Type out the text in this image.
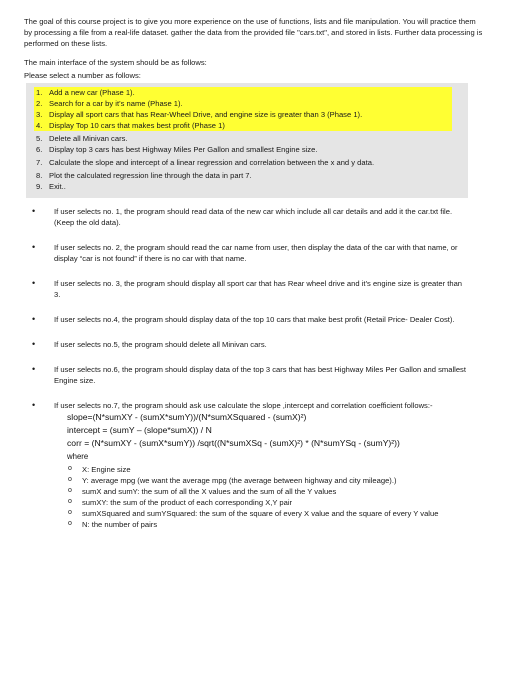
The goal of this course project is to give you more experience on the use of functions, lists and file manipulation. You will practice them by processing a file from a real-life dataset. gather the data from the provided file "cars.txt", and stored in lists. Further data processing is performed on these lists.

The main interface of the system should be as follows:

Please select a number as follows:

1. Add a new car (Phase 1).
2. Search for a car by it’s name (Phase 1).
3. Display all sport cars that has Rear-Wheel Drive, and engine size is greater than 3 (Phase 1).
4. Display Top 10 cars that makes best profit (Phase 1)
5. Delete all Minivan cars.
6. Display top 3 cars has best Highway Miles Per Gallon and smallest Engine size.
7. Calculate the slope and intercept of a linear regression and correlation between the x and y data.
8. Plot the calculated regression line through the data in part 7.
9. Exit..
•	If user selects no. 1, the program should read data of the new car which include all car details and add it the car.txt file.(Keep the old data).
•	If user selects no. 2, the program should read the car name from user, then display the data of the car with that name, or display “car is not found” if there is no car with that name.
•	If user selects no. 3, the program should display all sport car that has Rear wheel drive and it’s engine size is greater than 3.
•	If user selects no.4, the program should display data of the top 10 cars that make best profit (Retail Price- Dealer Cost).
•	If user selects no.5, the program should delete all Minivan cars.
•	If user selects no.6, the program should display data of the top 3 cars that has best Highway Miles Per Gallon and smallest Engine size.
•	If user selects no.7, the program should ask use calculate the slope ,intercept and correlation coefficient follows:-

slope=(N*sumXY - (sumX*sumY))/(N*sumXSquared - (sumX)²)

intercept = (sumY – (slope*sumX)) / N

corr = (N*sumXY - (sumX*sumY)) /sqrt((N*sumXSq - (sumX)²) * (N*sumYSq - (sumY)²))

where

o	X: Engine size
o	Y: average mpg (we want the average mpg (the average between highway and city mileage).)
o	sumX and sumY: the sum of all the X values and the sum of all the Y values
o	sumXY: the sum of the product of each corresponding X,Y pair
o	sumXSquared and sumYSquared: the sum of the square of every X value and the square of every Y value
o	N: the number of pairs
